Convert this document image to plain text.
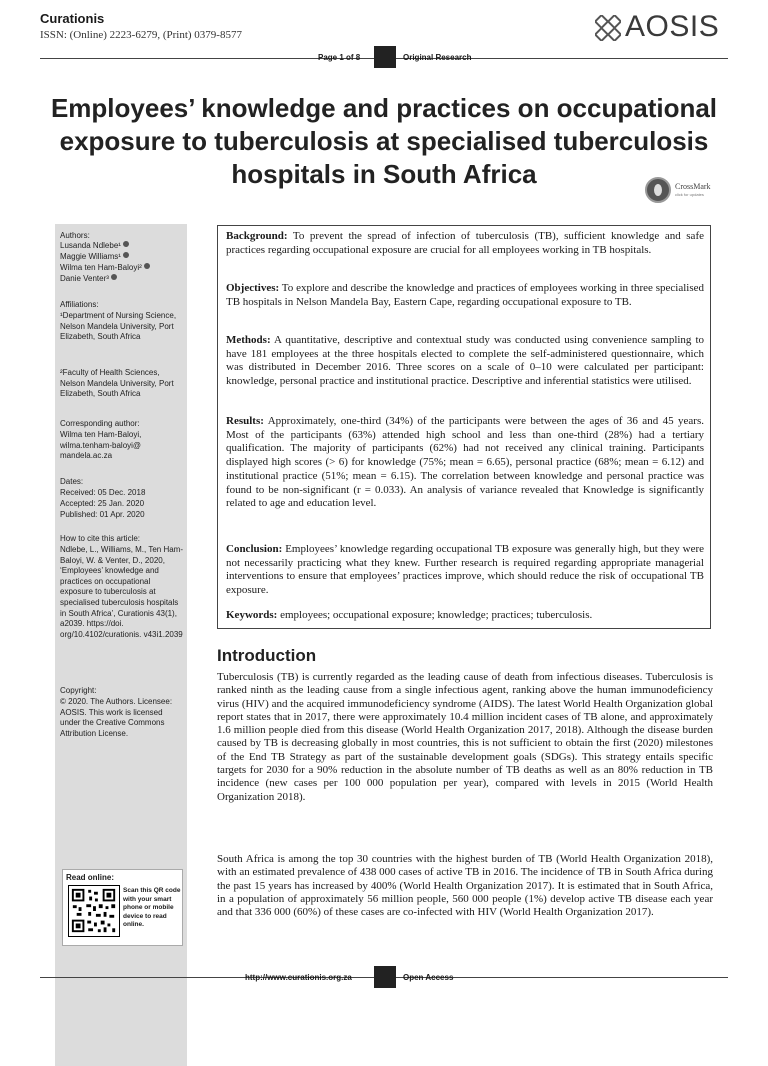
Curationis
ISSN: (Online) 2223-6279, (Print) 0379-8577	AOSIS
Page 1 of 8	Original Research
Employees’ knowledge and practices on occupational exposure to tuberculosis at specialised tuberculosis hospitals in South Africa	CrossMark
click for updates
Authors:
Lusanda Ndlebe¹
Maggie Williams¹
Wilma ten Ham-Baloyi²
Danie Venter³
Affiliations:
¹Department of Nursing Science, Nelson Mandela University, Port Elizabeth, South Africa
²Faculty of Health Sciences, Nelson Mandela University, Port Elizabeth, South Africa
Corresponding author:
Wilma ten Ham-Baloyi, wilma.tenham-baloyi@ mandela.ac.za
Dates:
Received: 05 Dec. 2018
Accepted: 25 Jan. 2020
Published: 01 Apr. 2020
How to cite this article:
Ndlebe, L., Williams, M., Ten Ham-Baloyi, W. & Venter, D., 2020, ‘Employees’ knowledge and practices on occupational exposure to tuberculosis at specialised tuberculosis hospitals in South Africa’, Curationis 43(1), a2039. https://doi. org/10.4102/curationis. v43i1.2039
Copyright:
© 2020. The Authors. Licensee: AOSIS. This work is licensed under the Creative Commons Attribution License.
Read online:
Scan this QR code with your smart phone or mobile device to read online.
Background: To prevent the spread of infection of tuberculosis (TB), sufficient knowledge and safe practices regarding occupational exposure are crucial for all employees working in TB hospitals.
Objectives: To explore and describe the knowledge and practices of employees working in three specialised TB hospitals in Nelson Mandela Bay, Eastern Cape, regarding occupational exposure to TB.
Methods: A quantitative, descriptive and contextual study was conducted using convenience sampling to have 181 employees at the three hospitals elected to complete the self-administered questionnaire, which was distributed in December 2016. Three scores on a scale of 0–10 were calculated per participant: knowledge, personal practice and institutional practice. Descriptive and inferential statistics were utilised.
Results: Approximately, one-third (34%) of the participants were between the ages of 36 and 45 years. Most of the participants (63%) attended high school and less than one-third (28%) had a tertiary qualification. The majority of participants (62%) had not received any clinical training. Participants displayed high scores (> 6) for knowledge (75%; mean = 6.65), personal practice (68%; mean = 6.12) and institutional practice (51%; mean = 6.15). The correlation between knowledge and personal practice was found to be non-significant (r = 0.033). An analysis of variance revealed that Knowledge is significantly related to age and education level.
Conclusion: Employees’ knowledge regarding occupational TB exposure was generally high, but they were not necessarily practicing what they knew. Further research is required regarding appropriate managerial interventions to ensure that employees’ practices improve, which should reduce the risk of occupational TB exposure.
Keywords: employees; occupational exposure; knowledge; practices; tuberculosis.
Introduction
Tuberculosis (TB) is currently regarded as the leading cause of death from infectious diseases. Tuberculosis is ranked ninth as the leading cause from a single infectious agent, ranking above the human immunodeficiency virus (HIV) and the acquired immunodeficiency syndrome (AIDS). The latest World Health Organization global report states that in 2017, there were approximately 10.4 million incident cases of TB alone, and approximately 1.6 million people died from this disease (World Health Organization 2017, 2018). Although the disease burden caused by TB is decreasing globally in most countries, this is not sufficient to obtain the first (2020) milestones of the End TB Strategy as part of the sustainable development goals (SDGs). This strategy entails specific targets for 2030 for a 90% reduction in the absolute number of TB deaths as well as an 80% reduction in TB incidence (new cases per 100 000 population per year), compared with levels in 2015 (World Health Organization 2018).
South Africa is among the top 30 countries with the highest burden of TB (World Health Organization 2018), with an estimated prevalence of 438 000 cases of active TB in 2016. The incidence of TB in South Africa during the past 15 years has increased by 400% (World Health Organization 2017). It is estimated that in South Africa, in a population of approximately 56 million people, 560 000 people (1%) develop active TB disease each year and that 336 000 (60%) of these cases are co-infected with HIV (World Health Organization 2017).
http://www.curationis.org.za	Open Access
